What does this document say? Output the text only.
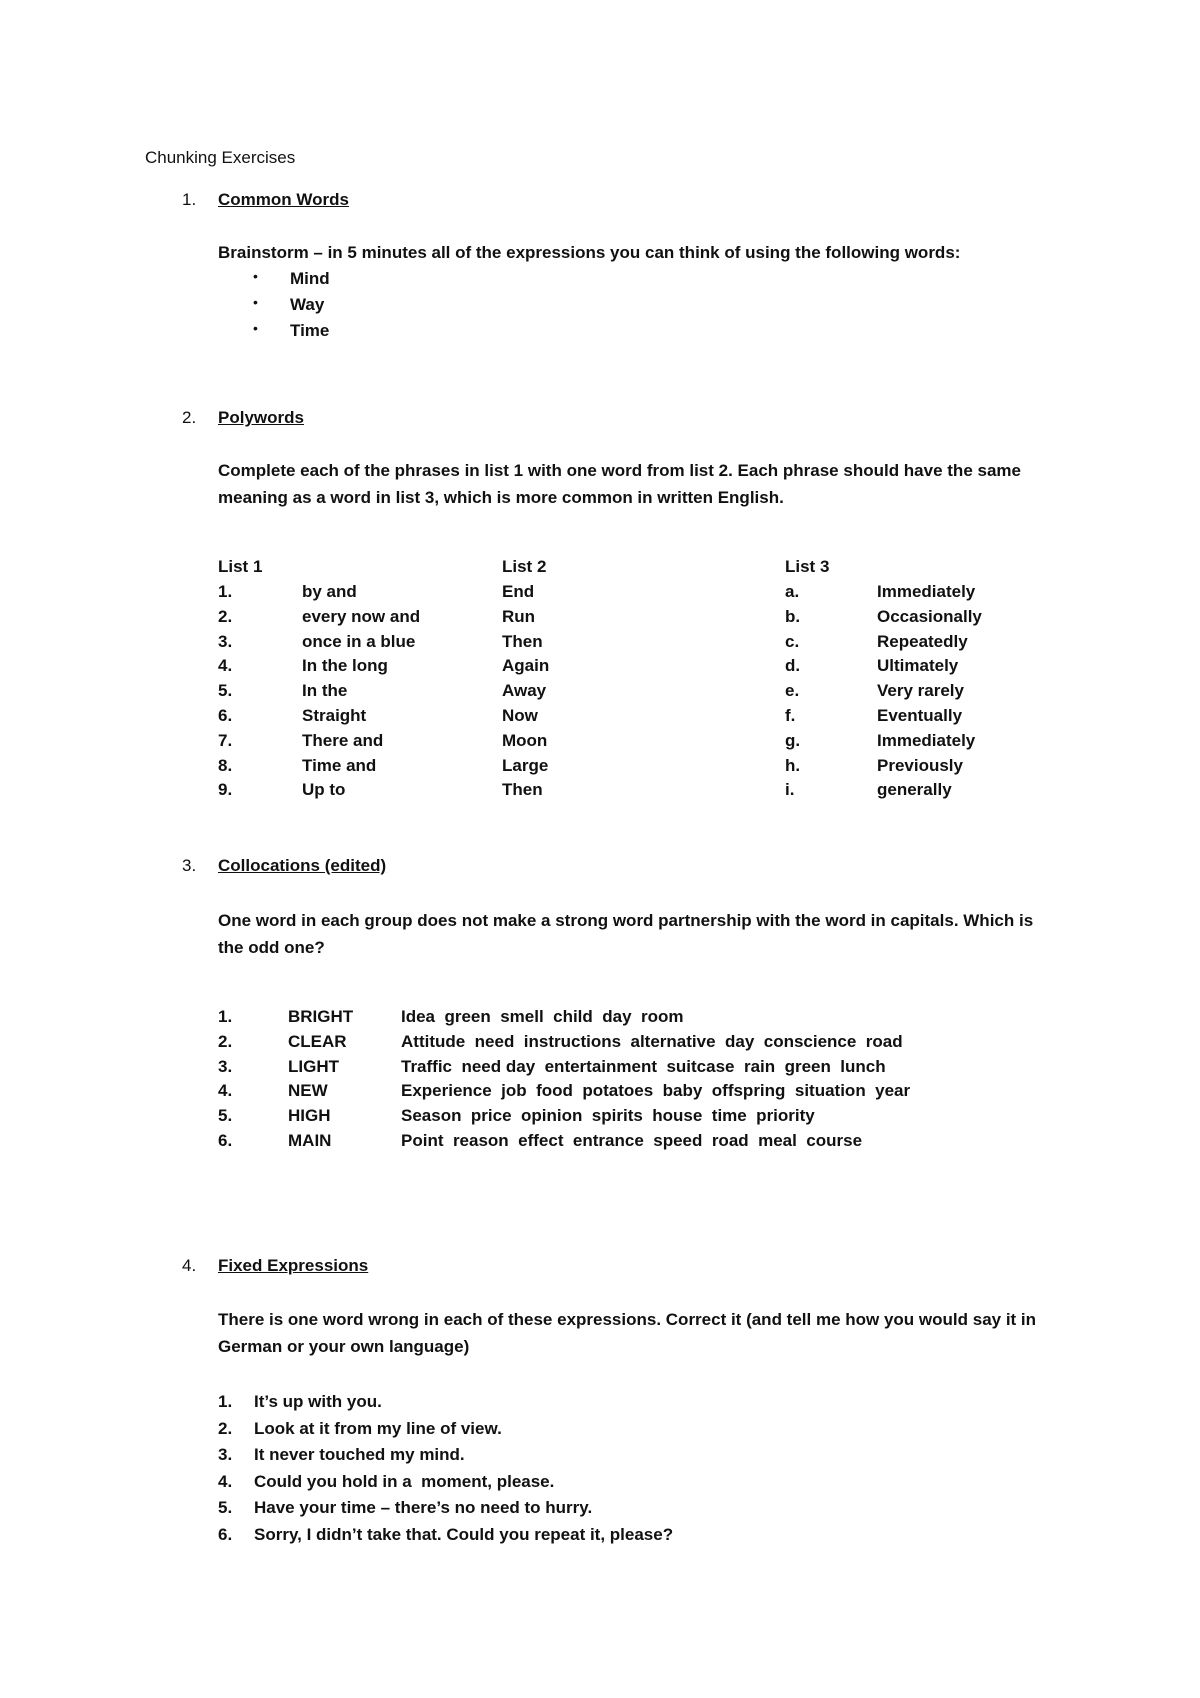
Chunking Exercises
1. Common Words
Brainstorm – in 5 minutes all of the expressions you can think of using the following words:
• Mind
• Way
• Time
2. Polywords
Complete each of the phrases in list 1 with one word from list 2. Each phrase should have the same meaning as a word in list 3, which is more common in written English.
List 1	List 2	List 3
1.	by and	End	a.	Immediately
2.	every now and	Run	b.	Occasionally
3.	once in a blue	Then	c.	Repeatedly
4.	In the long	Again	d.	Ultimately
5.	In the	Away	e.	Very rarely
6.	Straight	Now	f.	Eventually
7.	There and	Moon	g.	Immediately
8.	Time and	Large	h.	Previously
9.	Up to	Then	i.	generally
3. Collocations (edited)
One word in each group does not make a strong word partnership with the word in capitals. Which is the odd one?
1.	BRIGHT	Idea  green  smell  child  day  room
2.	CLEAR	Attitude  need  instructions  alternative  day  conscience  road
3.	LIGHT	Traffic  need day  entertainment  suitcase  rain  green  lunch
4.	NEW	Experience  job  food  potatoes  baby  offspring  situation  year
5.	HIGH	Season  price  opinion  spirits  house  time  priority
6.	MAIN	Point  reason  effect  entrance  speed  road  meal  course
4. Fixed Expressions
There is one word wrong in each of these expressions. Correct it (and tell me how you would say it in German or your own language)
1. It’s up with you.
2. Look at it from my line of view.
3. It never touched my mind.
4. Could you hold in a  moment, please.
5. Have your time – there’s no need to hurry.
6. Sorry, I didn’t take that. Could you repeat it, please?
